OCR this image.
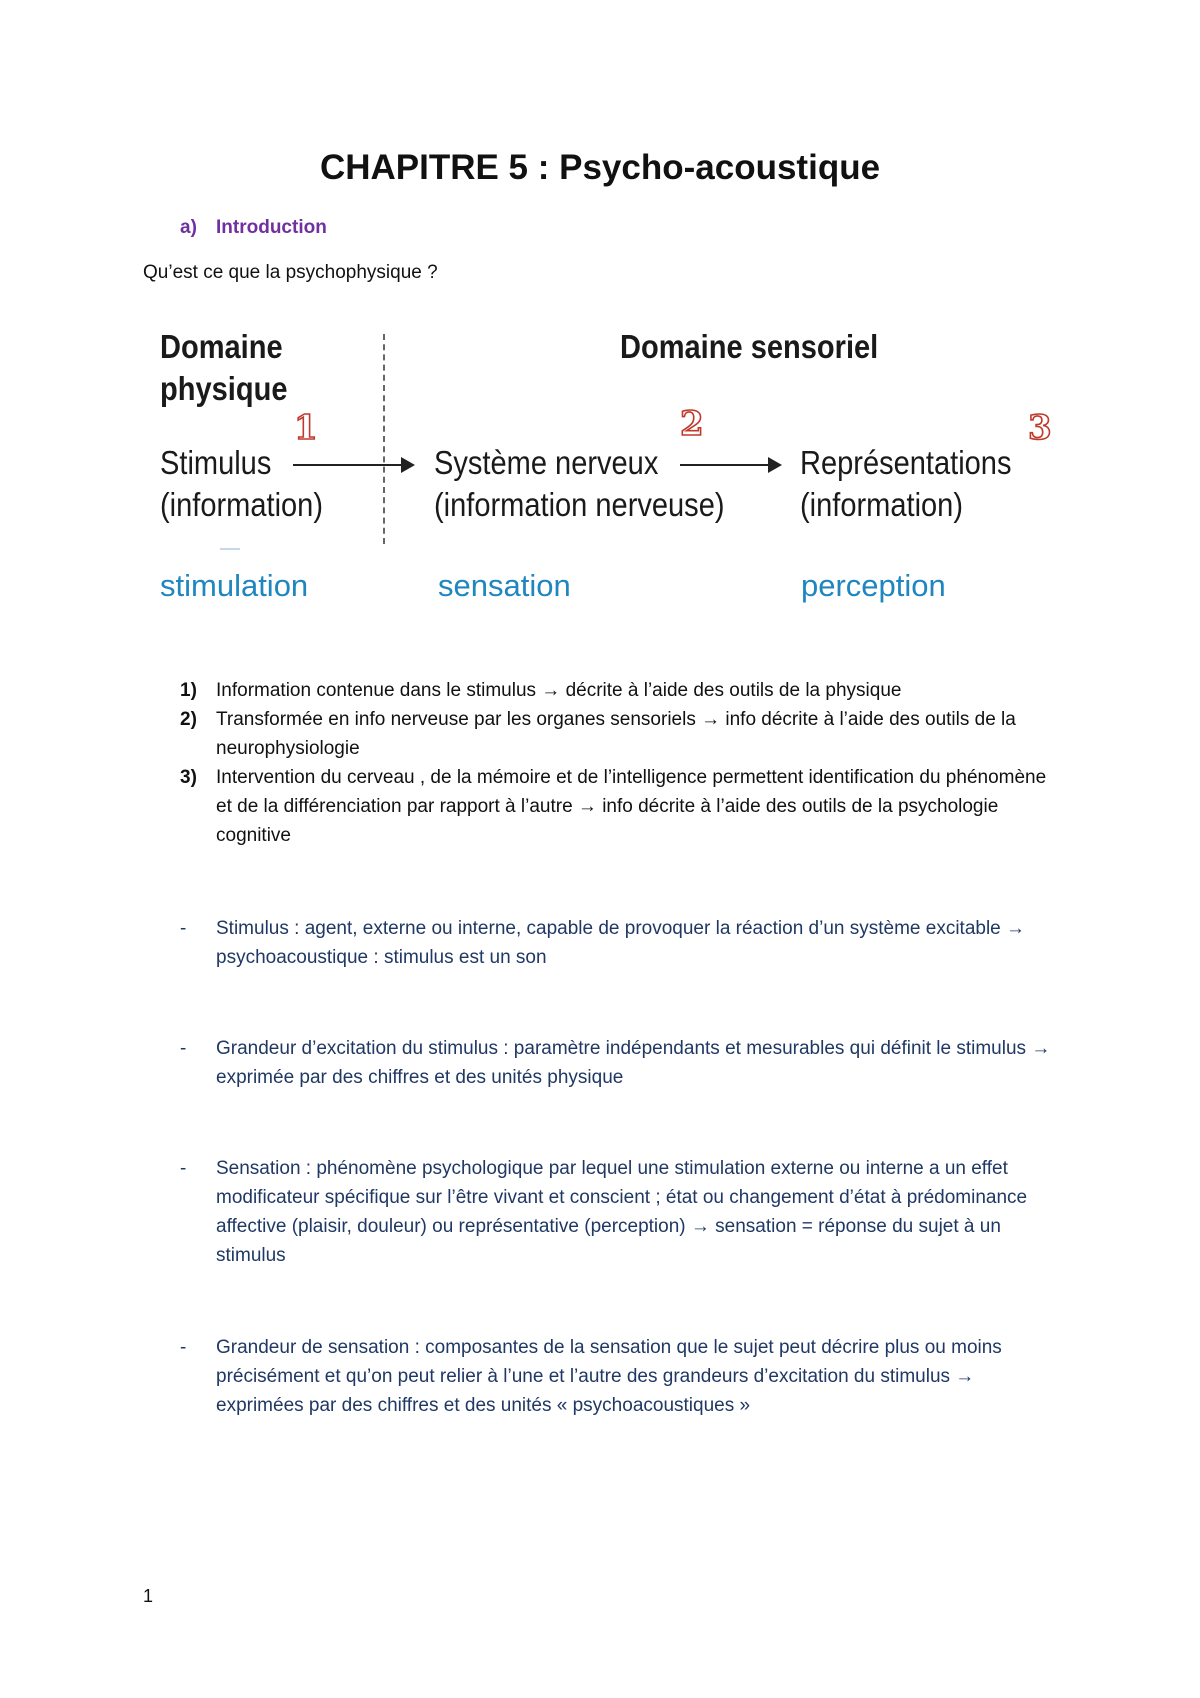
CHAPITRE 5 : Psycho-acoustique
a) Introduction
Qu’est ce que la psychophysique ?
Domaine
physique
Domaine sensoriel
1	2	3
Stimulus
(information)
Système nerveux
(information nerveuse)
Représentations
(information)
stimulation	sensation	perception
1) Information contenue dans le stimulus → décrite à l’aide des outils de la physique
2) Transformée en info nerveuse par les organes sensoriels → info décrite à l’aide des outils de la neurophysiologie
3) Intervention du cerveau , de la mémoire et de l’intelligence permettent identification du phénomène et de la différenciation par rapport à l’autre → info décrite à l’aide des outils de la psychologie cognitive
- Stimulus : agent, externe ou interne, capable de provoquer la réaction d’un système excitable → psychoacoustique : stimulus est un son
- Grandeur d’excitation du stimulus : paramètre indépendants et mesurables qui définit le stimulus → exprimée par des chiffres et des unités physique
- Sensation : phénomène psychologique par lequel une stimulation externe ou interne a un effet modificateur spécifique sur l’être vivant et conscient ; état ou changement d’état à prédominance affective (plaisir, douleur) ou représentative (perception) → sensation = réponse du sujet à un stimulus
- Grandeur de sensation : composantes de la sensation que le sujet peut décrire plus ou moins précisément et qu’on peut relier à l’une et l’autre des grandeurs d’excitation du stimulus → exprimées par des chiffres et des unités « psychoacoustiques »
1
